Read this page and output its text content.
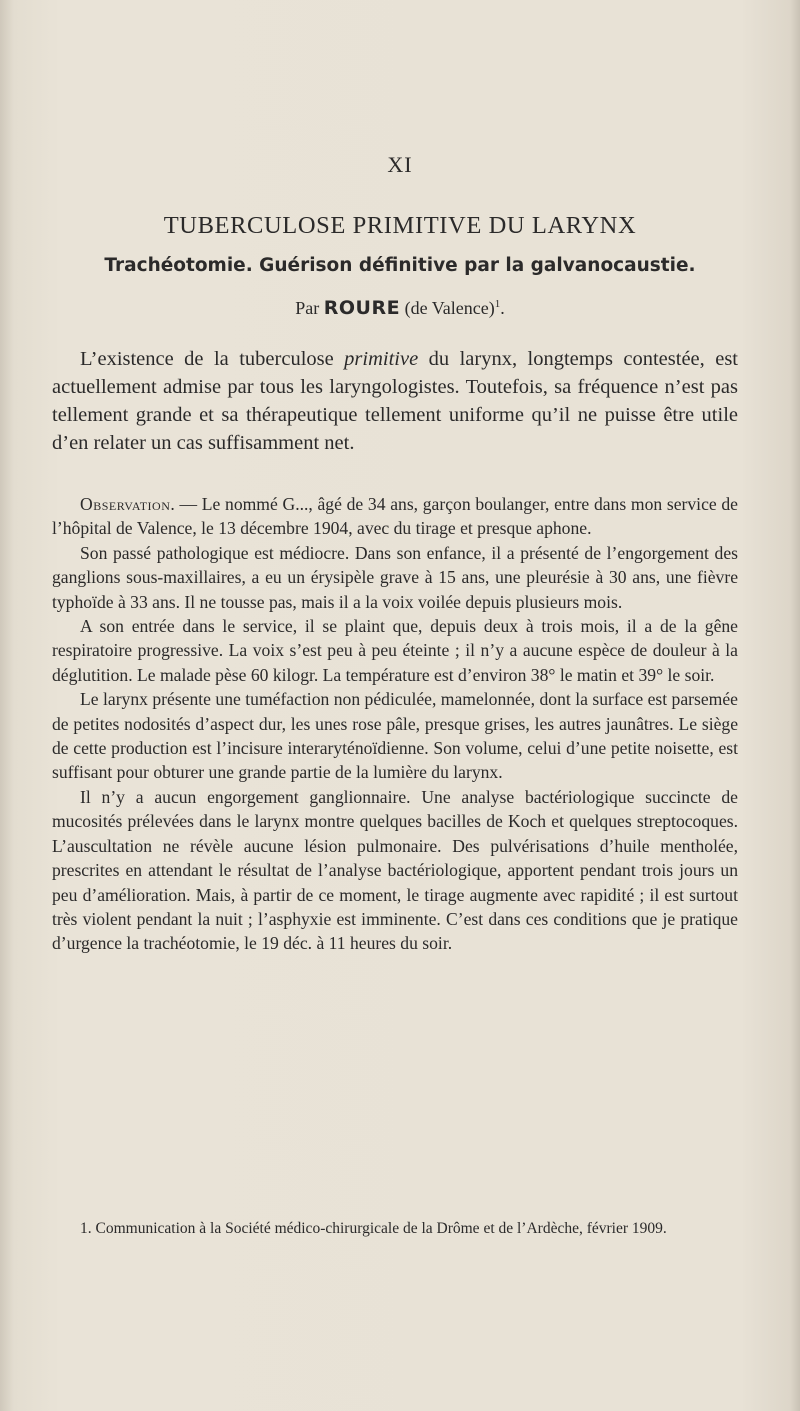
XI
TUBERCULOSE PRIMITIVE DU LARYNX
Trachéotomie. Guérison définitive par la galvanocaustie.
Par ROURE (de Valence)$^1$.

L’existence de la tuberculose primitive du larynx, longtemps contestée, est actuellement admise par tous les laryngologistes. Toutefois, sa fréquence n’est pas tellement grande et sa thérapeutique tellement uniforme qu’il ne puisse être utile d’en relater un cas suffisamment net.

Observation. — Le nommé G..., âgé de 34 ans, garçon boulanger, entre dans mon service de l’hôpital de Valence, le 13 décembre 1904, avec du tirage et presque aphone.

Son passé pathologique est médiocre. Dans son enfance, il a présenté de l’engorgement des ganglions sous-maxillaires, a eu un érysipèle grave à 15 ans, une pleurésie à 30 ans, une fièvre typhoïde à 33 ans. Il ne tousse pas, mais il a la voix voilée depuis plusieurs mois.

A son entrée dans le service, il se plaint que, depuis deux à trois mois, il a de la gêne respiratoire progressive. La voix s’est peu à peu éteinte ; il n’y a aucune espèce de douleur à la déglutition. Le malade pèse 60 kilogr. La température est d’environ 38° le matin et 39° le soir.

Le larynx présente une tuméfaction non pédiculée, mamelonnée, dont la surface est parsemée de petites nodosités d’aspect dur, les unes rose pâle, presque grises, les autres jaunâtres. Le siège de cette production est l’incisure interaryténoïdienne. Son volume, celui d’une petite noisette, est suffisant pour obturer une grande partie de la lumière du larynx.

Il n’y a aucun engorgement ganglionnaire. Une analyse bactériologique succincte de mucosités prélevées dans le larynx montre quelques bacilles de Koch et quelques streptocoques. L’auscultation ne révèle aucune lésion pulmonaire. Des pulvérisations d’huile mentholée, prescrites en attendant le résultat de l’analyse bactériologique, apportent pendant trois jours un peu d’amélioration. Mais, à partir de ce moment, le tirage augmente avec rapidité ; il est surtout très violent pendant la nuit ; l’asphyxie est imminente. C’est dans ces conditions que je pratique d’urgence la trachéotomie, le 19 déc. à 11 heures du soir.

1. Communication à la Société médico-chirurgicale de la Drôme et de l’Ardèche, février 1909.
